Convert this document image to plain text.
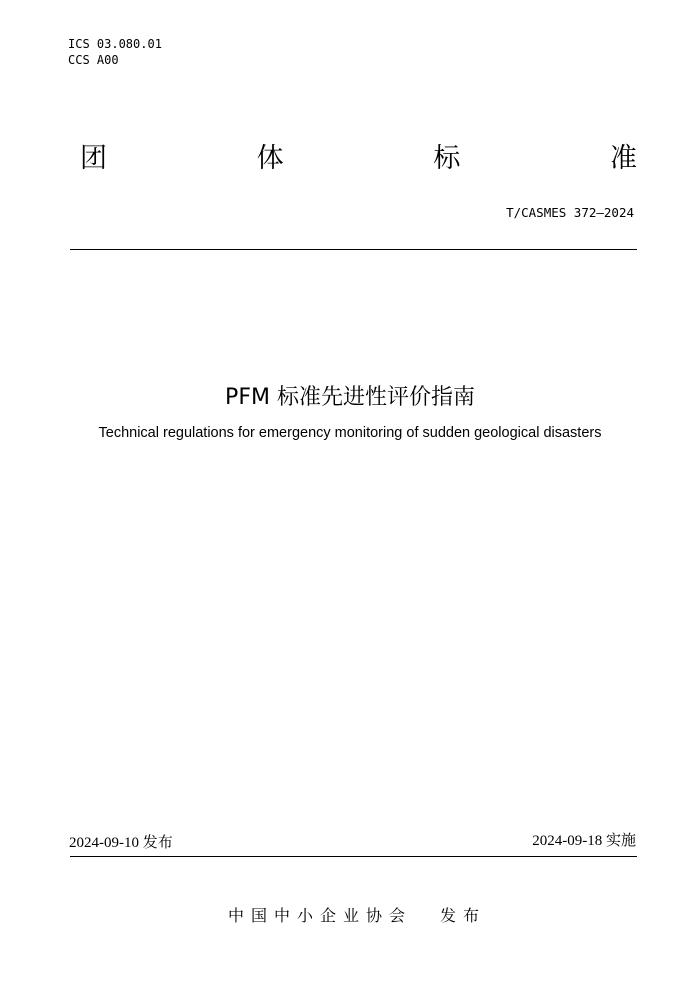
ICS 03.080.01
CCS A00
团	体	标	准
T/CASMES 372—2024
PFM 标准先进性评价指南
Technical regulations for emergency monitoring of sudden geological disasters
2024-09-10 发布	2024-09-18 实施
中国中小企业协会 发布
